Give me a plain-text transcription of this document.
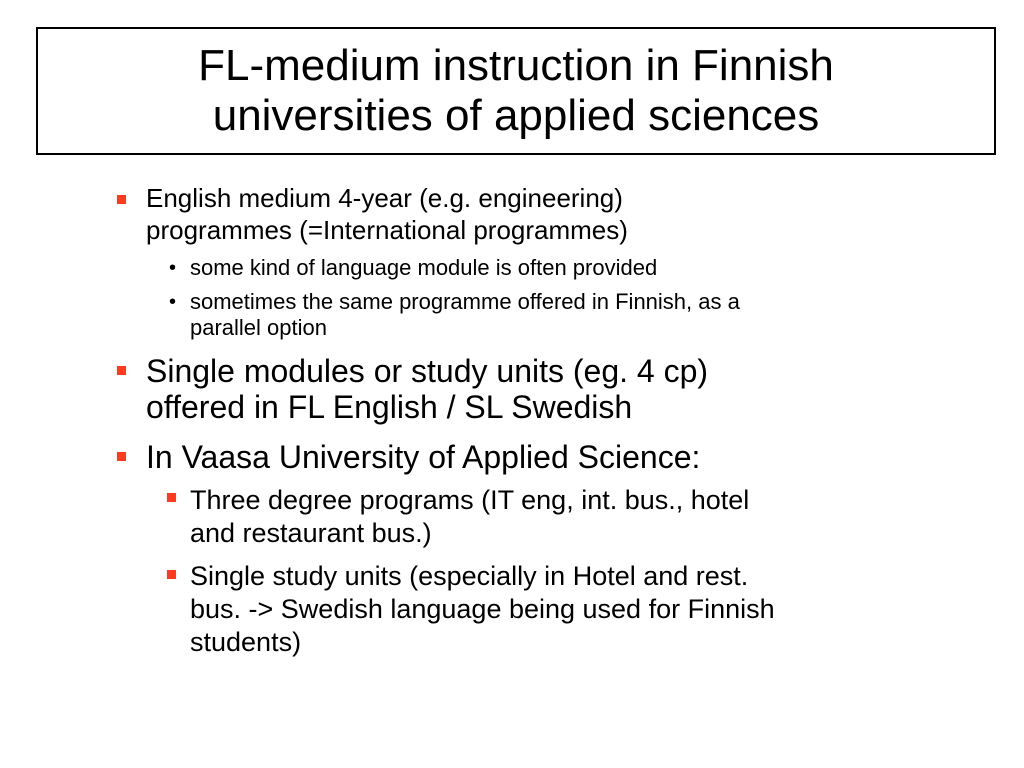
FL-medium instruction in Finnish
universities of applied sciences
English medium 4-year (e.g. engineering)
programmes (=International programmes)
• some kind of language module is often provided
• sometimes the same programme offered in Finnish, as a
parallel option
Single modules or study units (eg. 4 cp)
offered in FL English / SL Swedish
In Vaasa University of Applied Science:
Three degree programs (IT eng, int. bus., hotel
and restaurant bus.)
Single study units (especially in Hotel and rest.
bus. -> Swedish language being used for Finnish
students)
